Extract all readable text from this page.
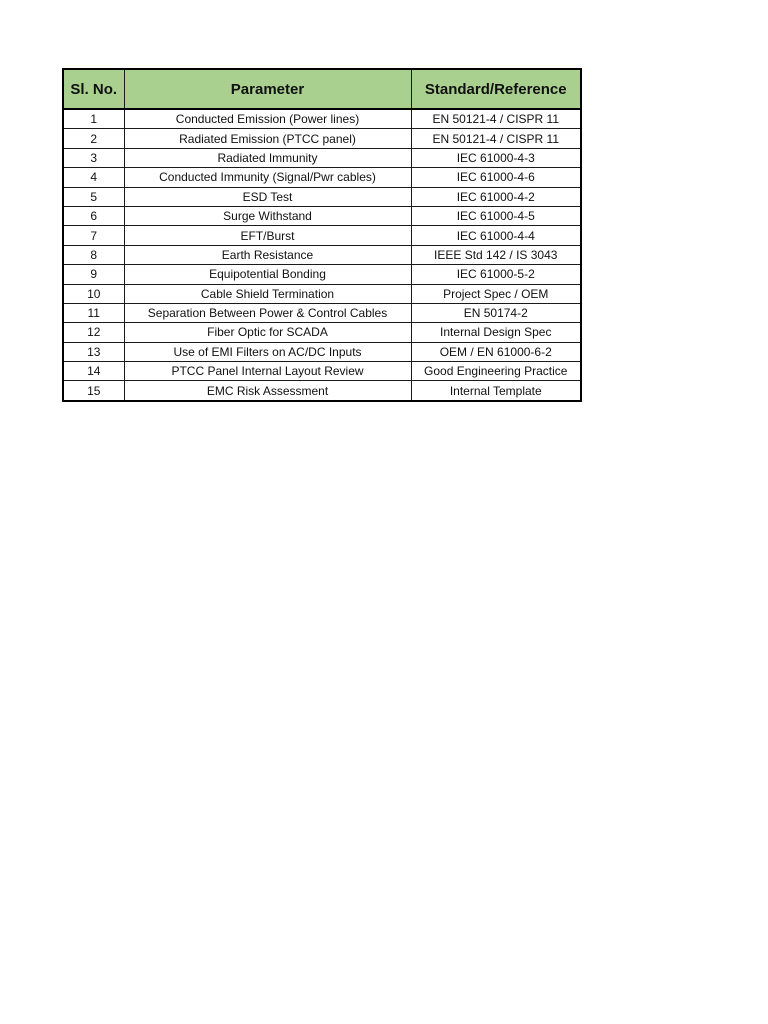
Sl. No.	Parameter	Standard/Reference
1	Conducted Emission (Power lines)	EN 50121-4 / CISPR 11
2	Radiated Emission (PTCC panel)	EN 50121-4 / CISPR 11
3	Radiated Immunity	IEC 61000-4-3
4	Conducted Immunity (Signal/Pwr cables)	IEC 61000-4-6
5	ESD Test	IEC 61000-4-2
6	Surge Withstand	IEC 61000-4-5
7	EFT/Burst	IEC 61000-4-4
8	Earth Resistance	IEEE Std 142 / IS 3043
9	Equipotential Bonding	IEC 61000-5-2
10	Cable Shield Termination	Project Spec / OEM
11	Separation Between Power & Control Cables	EN 50174-2
12	Fiber Optic for SCADA	Internal Design Spec
13	Use of EMI Filters on AC/DC Inputs	OEM / EN 61000-6-2
14	PTCC Panel Internal Layout Review	Good Engineering Practice
15	EMC Risk Assessment	Internal Template
